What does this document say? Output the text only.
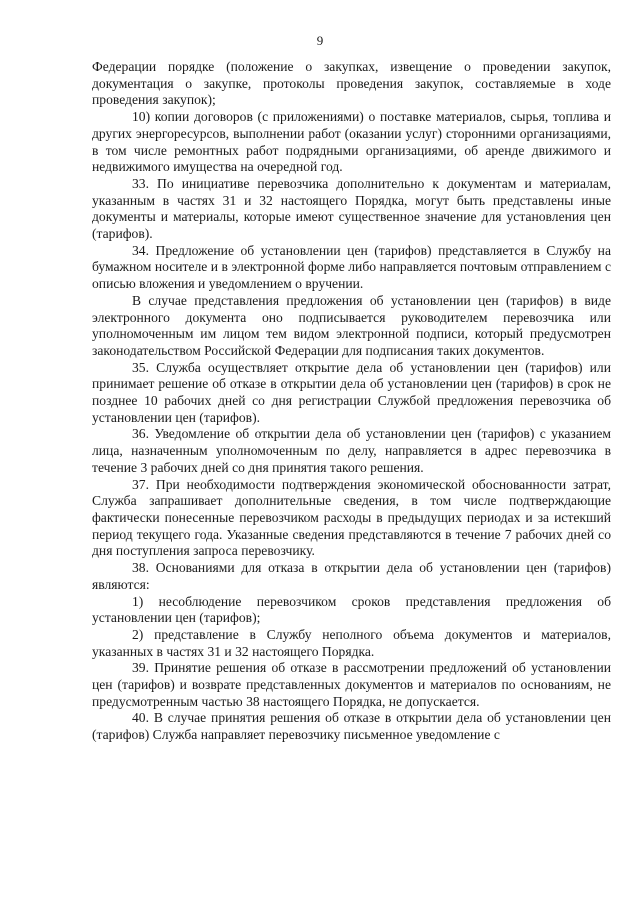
9

Федерации порядке (положение о закупках, извещение о проведении закупок, документация о закупке, протоколы проведения закупок, составляемые в ходе проведения закупок);

10) копии договоров (с приложениями) о поставке материалов, сырья, топлива и других энергоресурсов, выполнении работ (оказании услуг) сторонними организациями, в том числе ремонтных работ подрядными организациями, об аренде движимого и недвижимого имущества на очередной год.

33. По инициативе перевозчика дополнительно к документам и материалам, указанным в частях 31 и 32 настоящего Порядка, могут быть представлены иные документы и материалы, которые имеют существенное значение для установления цен (тарифов).

34. Предложение об установлении цен (тарифов) представляется в Службу на бумажном носителе и в электронной форме либо направляется почтовым отправлением с описью вложения и уведомлением о вручении.

В случае представления предложения об установлении цен (тарифов) в виде электронного документа оно подписывается руководителем перевозчика или уполномоченным им лицом тем видом электронной подписи, который предусмотрен законодательством Российской Федерации для подписания таких документов.

35. Служба осуществляет открытие дела об установлении цен (тарифов) или принимает решение об отказе в открытии дела об установлении цен (тарифов) в срок не позднее 10 рабочих дней со дня регистрации Службой предложения перевозчика об установлении цен (тарифов).

36. Уведомление об открытии дела об установлении цен (тарифов) с указанием лица, назначенным уполномоченным по делу, направляется в адрес перевозчика в течение 3 рабочих дней со дня принятия такого решения.

37. При необходимости подтверждения экономической обоснованности затрат, Служба запрашивает дополнительные сведения, в том числе подтверждающие фактически понесенные перевозчиком расходы в предыдущих периодах и за истекший период текущего года. Указанные сведения представляются в течение 7 рабочих дней со дня поступления запроса перевозчику.

38. Основаниями для отказа в открытии дела об установлении цен (тарифов) являются:

1) несоблюдение перевозчиком сроков представления предложения об установлении цен (тарифов);

2) представление в Службу неполного объема документов и материалов, указанных в частях 31 и 32 настоящего Порядка.

39. Принятие решения об отказе в рассмотрении предложений об установлении цен (тарифов) и возврате представленных документов и материалов по основаниям, не предусмотренным частью 38 настоящего Порядка, не допускается.

40. В случае принятия решения об отказе в открытии дела об установлении цен (тарифов) Служба направляет перевозчику письменное уведомление с
